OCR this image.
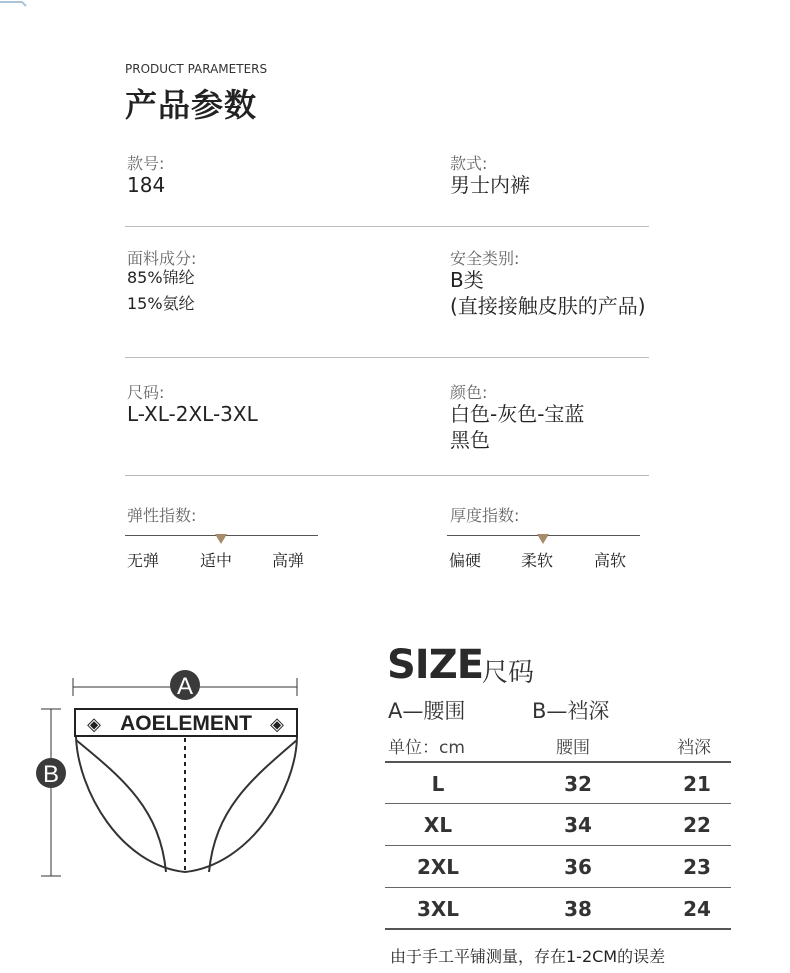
PRODUCT PARAMETERS
产品参数
款号:
184
款式:
男士内裤
面料成分:
85%锦纶
15%氨纶
安全类别:
B类
(直接接触皮肤的产品)
尺码:
L-XL-2XL-3XL
颜色:
白色-灰色-宝蓝
黑色
弹性指数:
无弹	适中 高弹
厚度指数:
偏硬 柔软	高软
A
B
◈ AOELEMENT ◈
SIZE
尺码
A—腰围	B—裆深
单位：cm	腰围	裆深
L	32	21
XL	34	22
2XL	36	23
3XL	38	24
由于手工平铺测量，存在1-2CM的误差
